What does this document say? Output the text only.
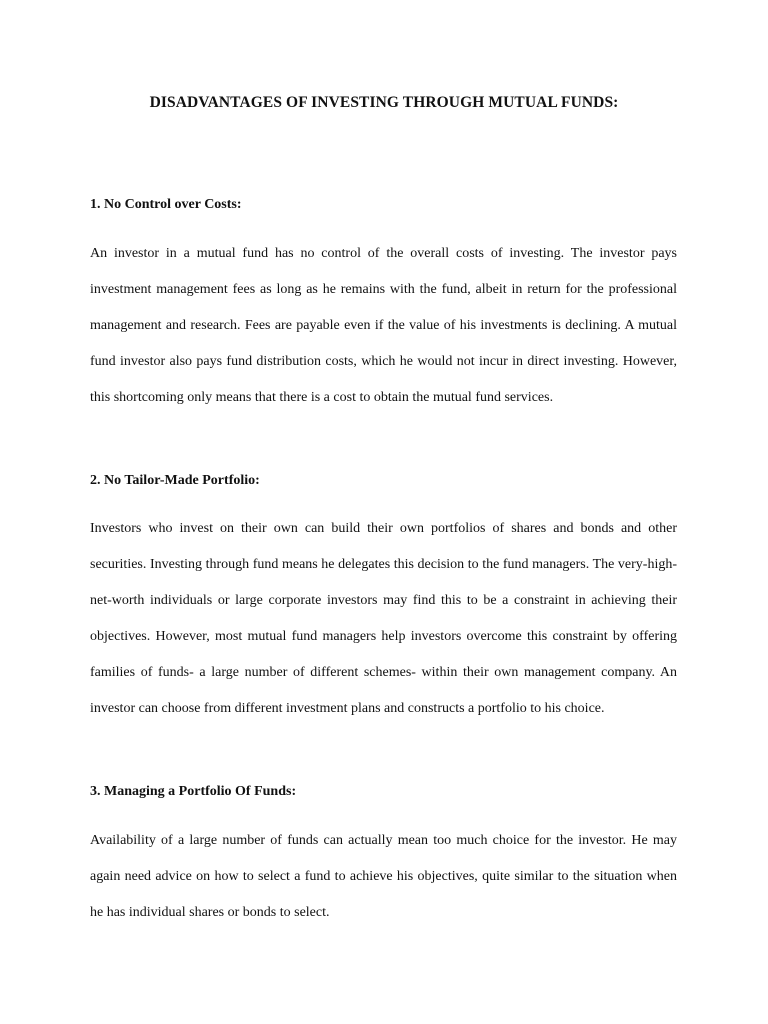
DISADVANTAGES OF INVESTING THROUGH MUTUAL FUNDS:
1. No Control over Costs:

An investor in a mutual fund has no control of the overall costs of investing. The investor pays investment management fees as long as he remains with the fund, albeit in return for the professional management and research. Fees are payable even if the value of his investments is declining. A mutual fund investor also pays fund distribution costs, which he would not incur in direct investing. However, this shortcoming only means that there is a cost to obtain the mutual fund services.

2. No Tailor-Made Portfolio:

Investors who invest on their own can build their own portfolios of shares and bonds and other securities. Investing through fund means he delegates this decision to the fund managers. The very-high-net-worth individuals or large corporate investors may find this to be a constraint in achieving their objectives. However, most mutual fund managers help investors overcome this constraint by offering families of funds- a large number of different schemes- within their own management company. An investor can choose from different investment plans and constructs a portfolio to his choice.

3. Managing a Portfolio Of Funds:

Availability of a large number of funds can actually mean too much choice for the investor. He may again need advice on how to select a fund to achieve his objectives, quite similar to the situation when he has individual shares or bonds to select.
